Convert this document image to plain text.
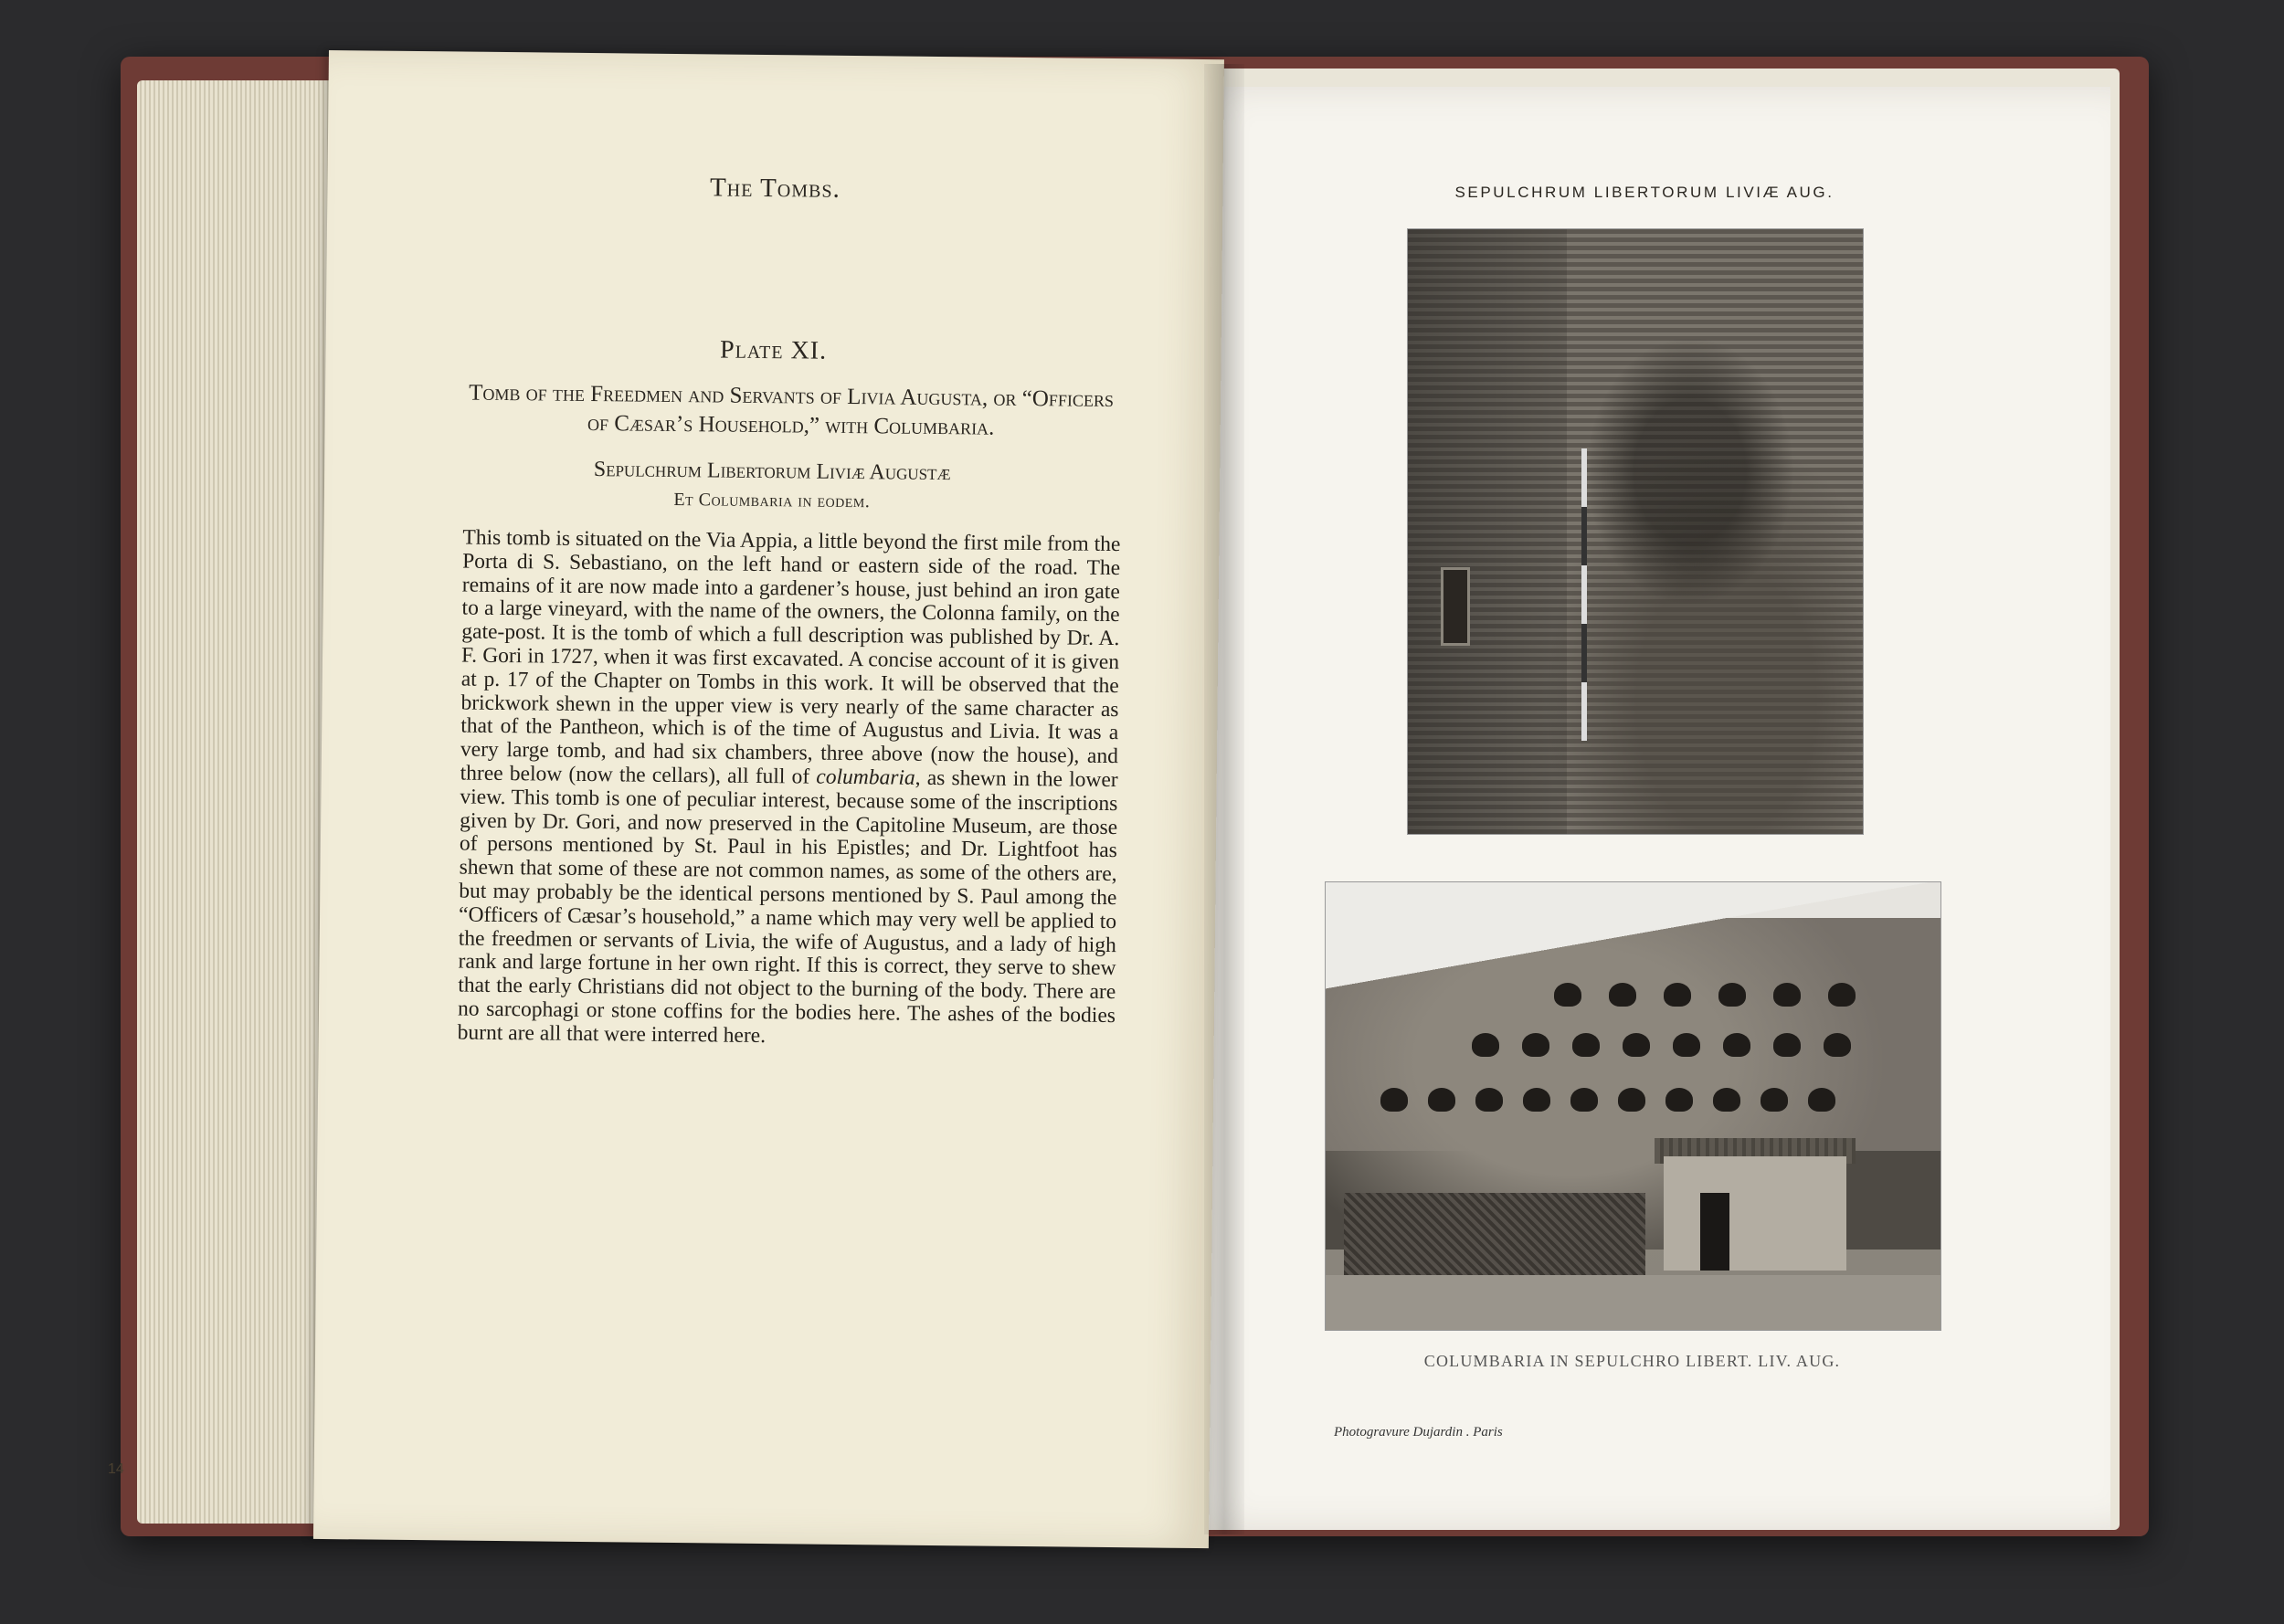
The Tombs.
Plate XI.
Tomb of the Freedmen and Servants of Livia Augusta, or “Officers of Cæsar’s Household,” with Columbaria.
Sepulchrum Libertorum Liviæ Augustæ
Et Columbaria in eodem.
This tomb is situated on the Via Appia, a little beyond the first mile from the Porta di S. Sebastiano, on the left hand or eastern side of the road. The remains of it are now made into a gardener’s house, just behind an iron gate to a large vineyard, with the name of the owners, the Colonna family, on the gate-post. It is the tomb of which a full description was published by Dr. A. F. Gori in 1727, when it was first excavated. A concise account of it is given at p. 17 of the Chapter on Tombs in this work. It will be observed that the brickwork shewn in the upper view is very nearly of the same character as that of the Pantheon, which is of the time of Augustus and Livia. It was a very large tomb, and had six chambers, three above (now the house), and three below (now the cellars), all full of columbaria, as shewn in the lower view. This tomb is one of peculiar interest, because some of the inscriptions given by Dr. Gori, and now preserved in the Capitoline Museum, are those of persons mentioned by St. Paul in his Epistles; and Dr. Lightfoot has shewn that some of these are not common names, as some of the others are, but may probably be the identical persons mentioned by S. Paul among the “Officers of Cæsar’s household,” a name which may very well be applied to the freedmen or servants of Livia, the wife of Augustus, and a lady of high rank and large fortune in her own right. If this is correct, they serve to shew that the early Christians did not object to the burning of the body. There are no sarcophagi or stone coffins for the bodies here. The ashes of the bodies burnt are all that were interred here.
14
SEPULCHRUM LIBERTORUM LIVIÆ AUG.
COLUMBARIA IN SEPULCHRO LIBERT. LIV. AUG.
Photogravure Dujardin . Paris
